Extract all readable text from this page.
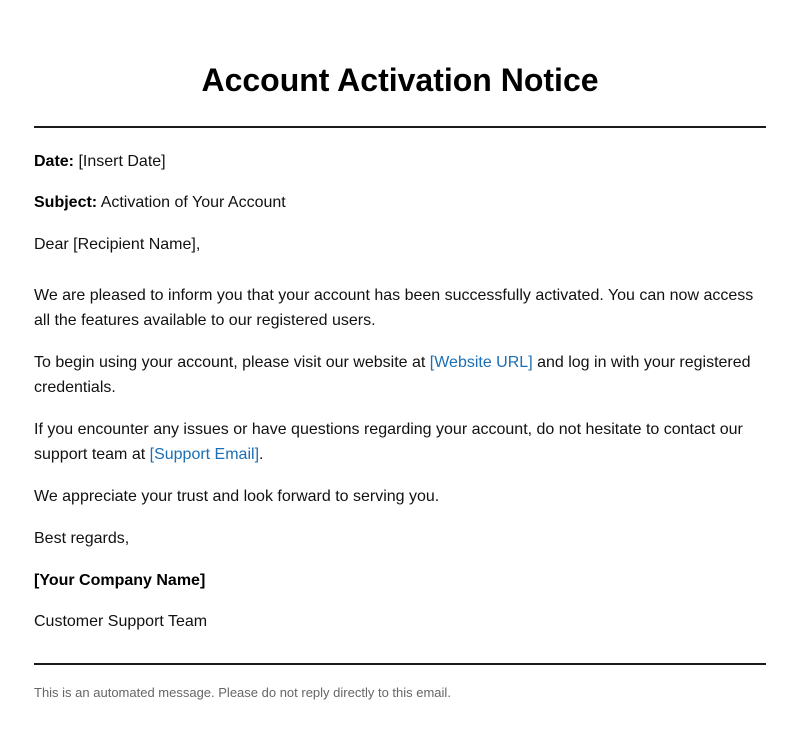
Account Activation Notice
Date: [Insert Date]
Subject: Activation of Your Account
Dear [Recipient Name],
We are pleased to inform you that your account has been successfully activated. You can now access all the features available to our registered users.
To begin using your account, please visit our website at [Website URL] and log in with your registered credentials.
If you encounter any issues or have questions regarding your account, do not hesitate to contact our support team at [Support Email].
We appreciate your trust and look forward to serving you.
Best regards,
[Your Company Name]
Customer Support Team
This is an automated message. Please do not reply directly to this email.
